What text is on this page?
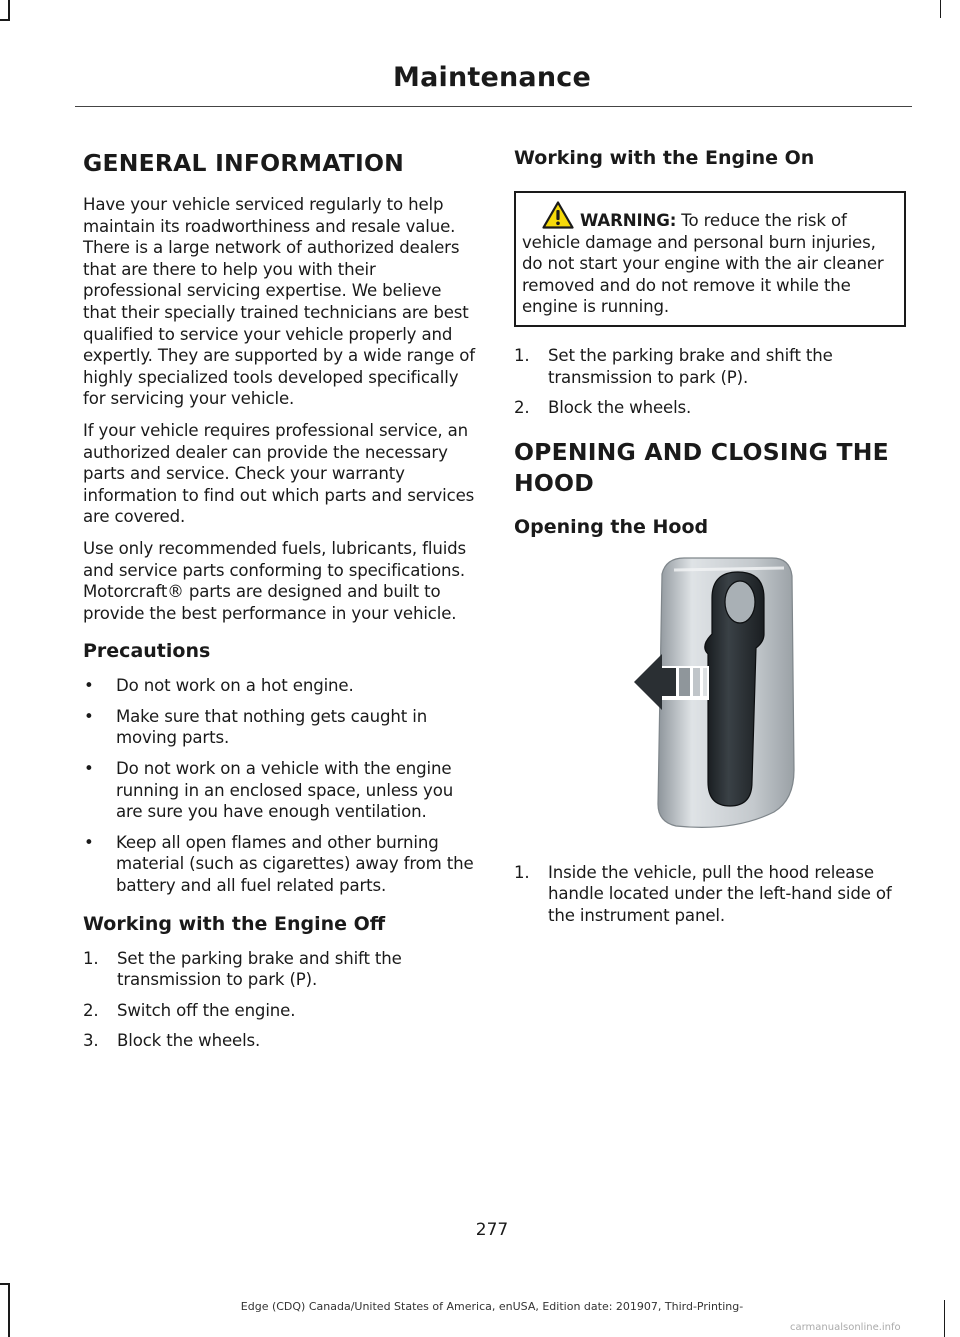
Maintenance
GENERAL INFORMATION

Have your vehicle serviced regularly to help maintain its roadworthiness and resale value. There is a large network of authorized dealers that are there to help you with their professional servicing expertise. We believe that their specially trained technicians are best qualified to service your vehicle properly and expertly. They are supported by a wide range of highly specialized tools developed specifically for servicing your vehicle.

If your vehicle requires professional service, an authorized dealer can provide the necessary parts and service. Check your warranty information to find out which parts and services are covered.

Use only recommended fuels, lubricants, fluids and service parts conforming to specifications. Motorcraft® parts are designed and built to provide the best performance in your vehicle.

Precautions
• Do not work on a hot engine.
• Make sure that nothing gets caught in moving parts.
• Do not work on a vehicle with the engine running in an enclosed space, unless you are sure you have enough ventilation.
• Keep all open flames and other burning material (such as cigarettes) away from the battery and all fuel related parts.
Working with the Engine Off
1. Set the parking brake and shift the transmission to park (P).
2. Switch off the engine.
3. Block the wheels.
Working with the Engine On

WARNING: To reduce the risk of vehicle damage and personal burn injuries, do not start your engine with the air cleaner removed and do not remove it while the engine is running.

1. Set the parking brake and shift the transmission to park (P).
2. Block the wheels.
OPENING AND CLOSING THE HOOD
Opening the Hood
1. Inside the vehicle, pull the hood release handle located under the left-hand side of the instrument panel.
277
Edge (CDQ) Canada/United States of America, enUSA, Edition date: 201907, Third-Printing-
carmanualsonline.info
